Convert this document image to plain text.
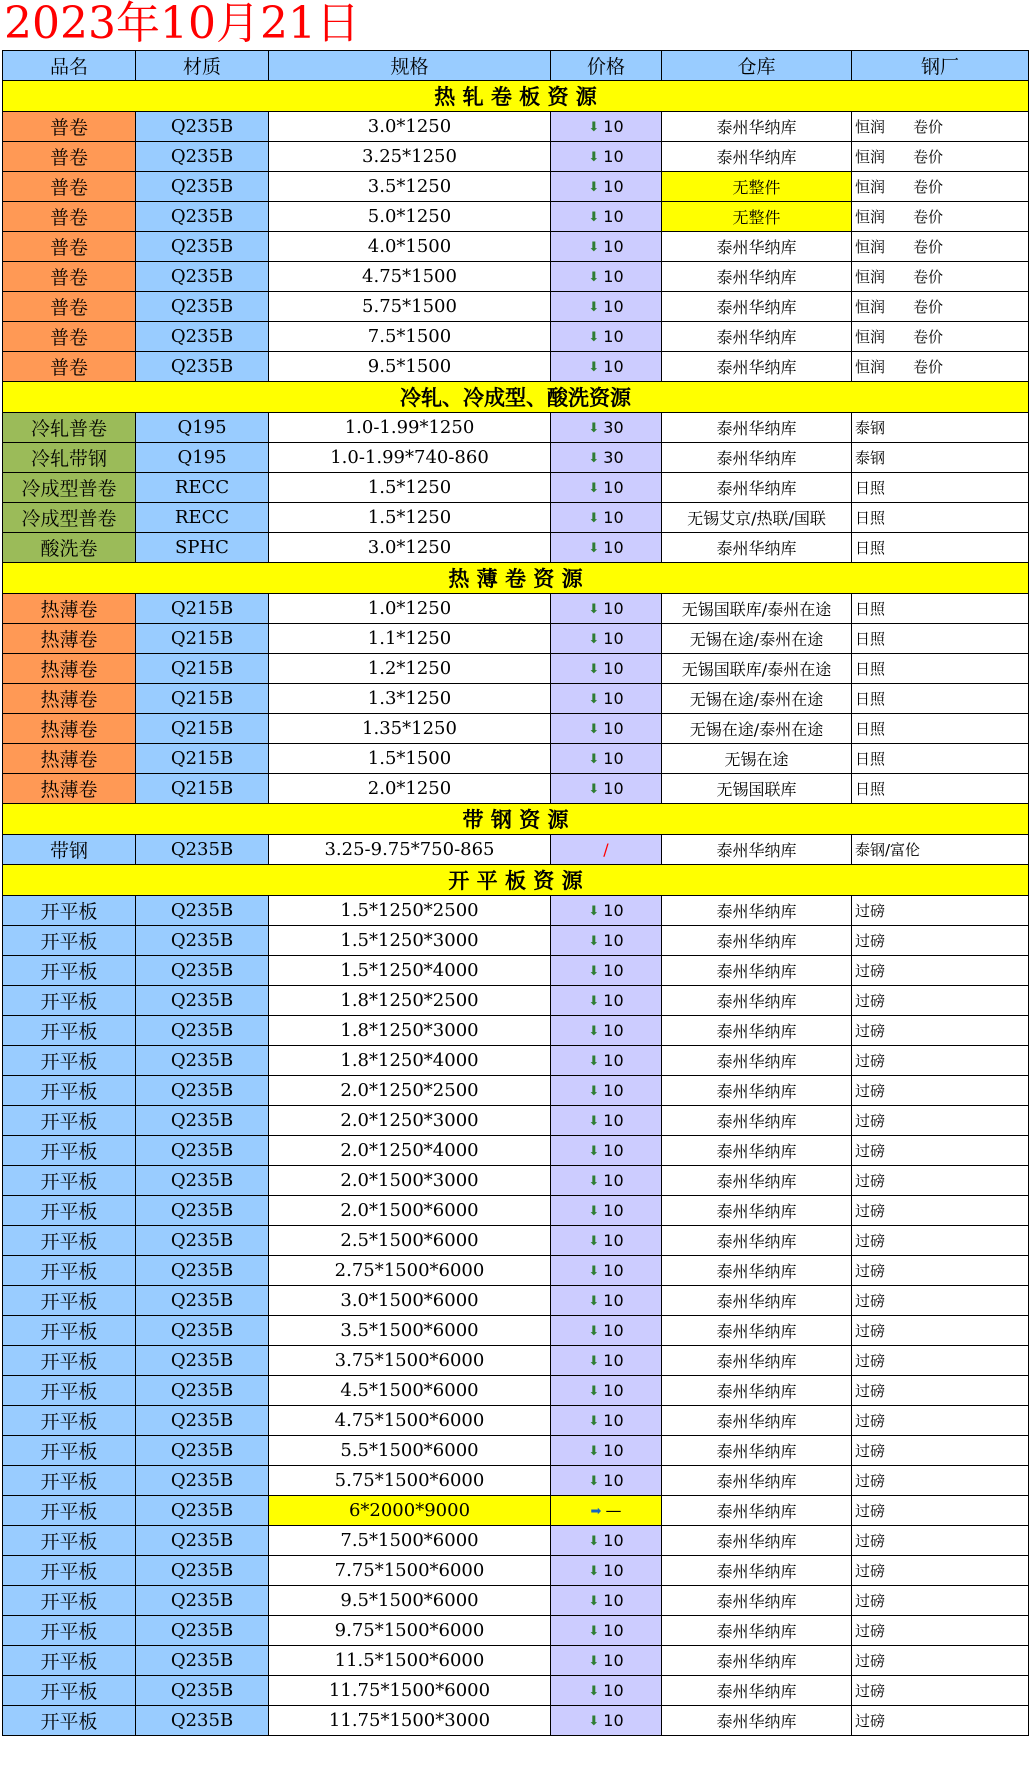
2023年10月21日
品名	材质	规格	价格	仓库	钢厂
热 轧 卷 板 资 源					
普卷	Q235B	3.0*1250	⬇ 10	泰州华纳库	恒润 卷价
普卷	Q235B	3.25*1250	⬇ 10	泰州华纳库	恒润 卷价
普卷	Q235B	3.5*1250	⬇ 10	无整件	恒润 卷价
普卷	Q235B	5.0*1250	⬇ 10	无整件	恒润 卷价
普卷	Q235B	4.0*1500	⬇ 10	泰州华纳库	恒润 卷价
普卷	Q235B	4.75*1500	⬇ 10	泰州华纳库	恒润 卷价
普卷	Q235B	5.75*1500	⬇ 10	泰州华纳库	恒润 卷价
普卷	Q235B	7.5*1500	⬇ 10	泰州华纳库	恒润 卷价
普卷	Q235B	9.5*1500	⬇ 10	泰州华纳库	恒润 卷价
冷轧、冷成型、酸洗资源					
冷轧普卷	Q195	1.0-1.99*1250	⬇ 30	泰州华纳库	泰钢
冷轧带钢	Q195	1.0-1.99*740-860	⬇ 30	泰州华纳库	泰钢
冷成型普卷	RECC	1.5*1250	⬇ 10	泰州华纳库	日照
冷成型普卷	RECC	1.5*1250	⬇ 10	无锡艾京/热联/国联	日照
酸洗卷	SPHC	3.0*1250	⬇ 10	泰州华纳库	日照
热 薄 卷 资 源					
热薄卷	Q215B	1.0*1250	⬇ 10	无锡国联库/泰州在途	日照
热薄卷	Q215B	1.1*1250	⬇ 10	无锡在途/泰州在途	日照
热薄卷	Q215B	1.2*1250	⬇ 10	无锡国联库/泰州在途	日照
热薄卷	Q215B	1.3*1250	⬇ 10	无锡在途/泰州在途	日照
热薄卷	Q215B	1.35*1250	⬇ 10	无锡在途/泰州在途	日照
热薄卷	Q215B	1.5*1500	⬇ 10	无锡在途	日照
热薄卷	Q215B	2.0*1250	⬇ 10	无锡国联库	日照
带 钢 资 源					
带钢	Q235B	3.25-9.75*750-865	/	泰州华纳库	泰钢/富伦
开 平 板 资 源					
开平板	Q235B	1.5*1250*2500	⬇ 10	泰州华纳库	过磅
开平板	Q235B	1.5*1250*3000	⬇ 10	泰州华纳库	过磅
开平板	Q235B	1.5*1250*4000	⬇ 10	泰州华纳库	过磅
开平板	Q235B	1.8*1250*2500	⬇ 10	泰州华纳库	过磅
开平板	Q235B	1.8*1250*3000	⬇ 10	泰州华纳库	过磅
开平板	Q235B	1.8*1250*4000	⬇ 10	泰州华纳库	过磅
开平板	Q235B	2.0*1250*2500	⬇ 10	泰州华纳库	过磅
开平板	Q235B	2.0*1250*3000	⬇ 10	泰州华纳库	过磅
开平板	Q235B	2.0*1250*4000	⬇ 10	泰州华纳库	过磅
开平板	Q235B	2.0*1500*3000	⬇ 10	泰州华纳库	过磅
开平板	Q235B	2.0*1500*6000	⬇ 10	泰州华纳库	过磅
开平板	Q235B	2.5*1500*6000	⬇ 10	泰州华纳库	过磅
开平板	Q235B	2.75*1500*6000	⬇ 10	泰州华纳库	过磅
开平板	Q235B	3.0*1500*6000	⬇ 10	泰州华纳库	过磅
开平板	Q235B	3.5*1500*6000	⬇ 10	泰州华纳库	过磅
开平板	Q235B	3.75*1500*6000	⬇ 10	泰州华纳库	过磅
开平板	Q235B	4.5*1500*6000	⬇ 10	泰州华纳库	过磅
开平板	Q235B	4.75*1500*6000	⬇ 10	泰州华纳库	过磅
开平板	Q235B	5.5*1500*6000	⬇ 10	泰州华纳库	过磅
开平板	Q235B	5.75*1500*6000	⬇ 10	泰州华纳库	过磅
开平板	Q235B	6*2000*9000	➡ —	泰州华纳库	过磅
开平板	Q235B	7.5*1500*6000	⬇ 10	泰州华纳库	过磅
开平板	Q235B	7.75*1500*6000	⬇ 10	泰州华纳库	过磅
开平板	Q235B	9.5*1500*6000	⬇ 10	泰州华纳库	过磅
开平板	Q235B	9.75*1500*6000	⬇ 10	泰州华纳库	过磅
开平板	Q235B	11.5*1500*6000	⬇ 10	泰州华纳库	过磅
开平板	Q235B	11.75*1500*6000	⬇ 10	泰州华纳库	过磅
开平板	Q235B	11.75*1500*3000	⬇ 10	泰州华纳库	过磅
